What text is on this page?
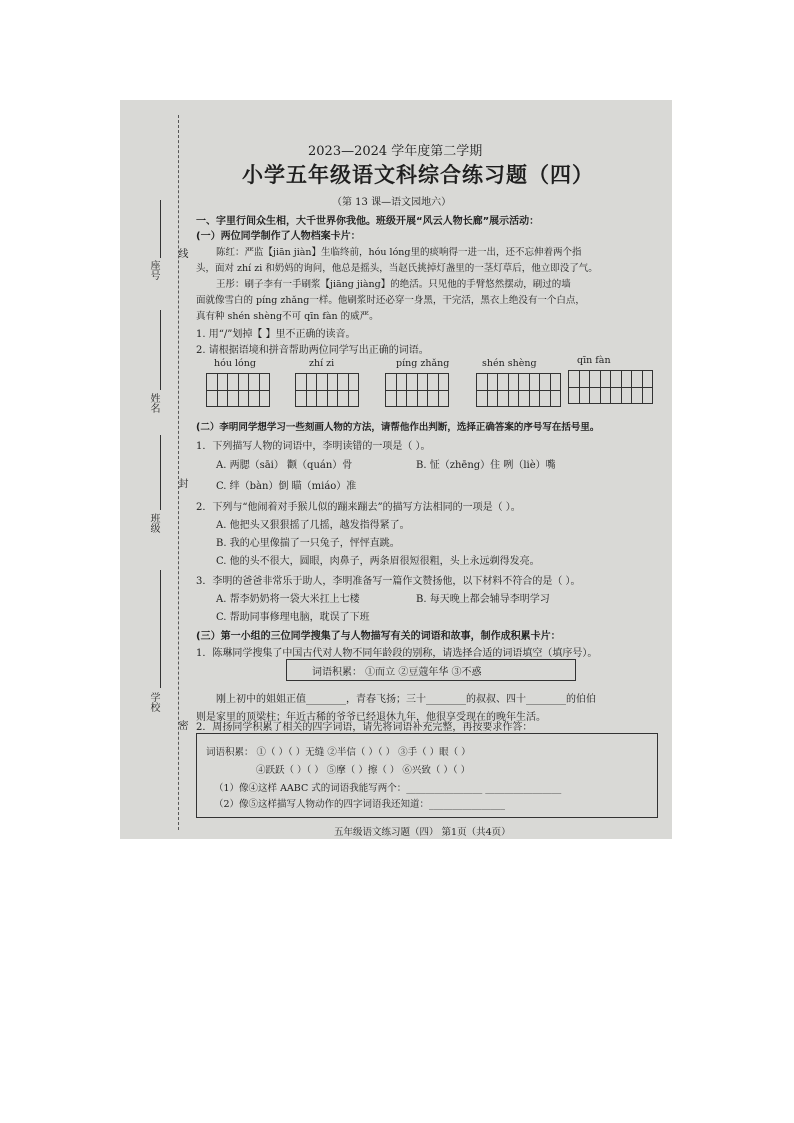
线
封
密
座号
姓名
班级
学校
2023—2024 学年度第二学期
小学五年级语文科综合练习题（四）
（第 13 课—语文园地六）
一、字里行间众生相，大千世界你我他。班级开展“风云人物长廊”展示活动：
(一）两位同学制作了人物档案卡片：
陈红：严监【jiān jiàn】生临终前，hóu lóng里的痰响得一进一出，还不忘伸着两个指
头，面对 zhí zi 和奶妈的询问，他总是摇头，当赵氏挑掉灯盏里的一茎灯草后，他立即没了气。
王彤：刷子李有一手刷浆【jiāng jiàng】的绝活。只见他的手臂悠然摆动，刷过的墙
面就像雪白的 píng zhǎng一样。他刷浆时还必穿一身黑，干完活，黑衣上绝没有一个白点，
真有种 shén shèng不可 qīn fàn 的威严。
1. 用“/”划掉【 】里不正确的读音。
2. 请根据语境和拼音帮助两位同学写出正确的词语。
hóu lóng	zhí zi	píng zhǎng	shén shèng	qīn fàn
(二）李明同学想学习一些刻画人物的方法，请帮他作出判断，选择正确答案的序号写在括号里。
1．下列描写人物的词语中，李明读错的一项是（ ）。
A. 两腮（sāi） 颧（quán）骨	B. 怔（zhēng）住 咧（liè）嘴
C. 绊（bàn）倒 瞄（miáo）准
2．下列与“他闹着对手猴儿似的蹦来蹦去”的描写方法相同的一项是（ ）。
A. 他把头又狠狠摇了几摇，越发指得紧了。
B. 我的心里像揣了一只兔子，怦怦直跳。
C. 他的头不很大，圆眼，肉鼻子，两条眉很短很粗，头上永远剃得发亮。
3．李明的爸爸非常乐于助人，李明准备写一篇作文赞扬他，以下材料不符合的是（ ）。
A. 帮李奶奶将一袋大米扛上七楼	B. 每天晚上都会辅导李明学习
C. 帮助同事修理电脑，耽误了下班
(三）第一小组的三位同学搜集了与人物描写有关的词语和故事，制作成积累卡片：
1．陈琳同学搜集了中国古代对人物不同年龄段的别称，请选择合适的词语填空（填序号）。
词语积累： ①而立 ②豆蔻年华 ③不惑
刚上初中的姐姐正值________，青春飞扬；三十________的叔叔、四十________的伯伯
则是家里的顶梁柱；年近古稀的爷爷已经退休九年，他很享受现在的晚年生活。
2．周扬同学积累了相关的四字词语，请先将词语补充完整，再按要求作答：
词语积累： ①（ ）（ ）无缝 ②半信（ ）（ ） ③手（ ）眼（ ）
④跃跃（ ）（ ） ⑤摩（ ）擦（ ） ⑥兴致（ ）（ ）
（1）像④这样 AABC 式的词语我能写两个：________________ ________________
（2）像⑤这样描写人物动作的四字词语我还知道：________________
五年级语文练习题（四） 第1页（共4页）
